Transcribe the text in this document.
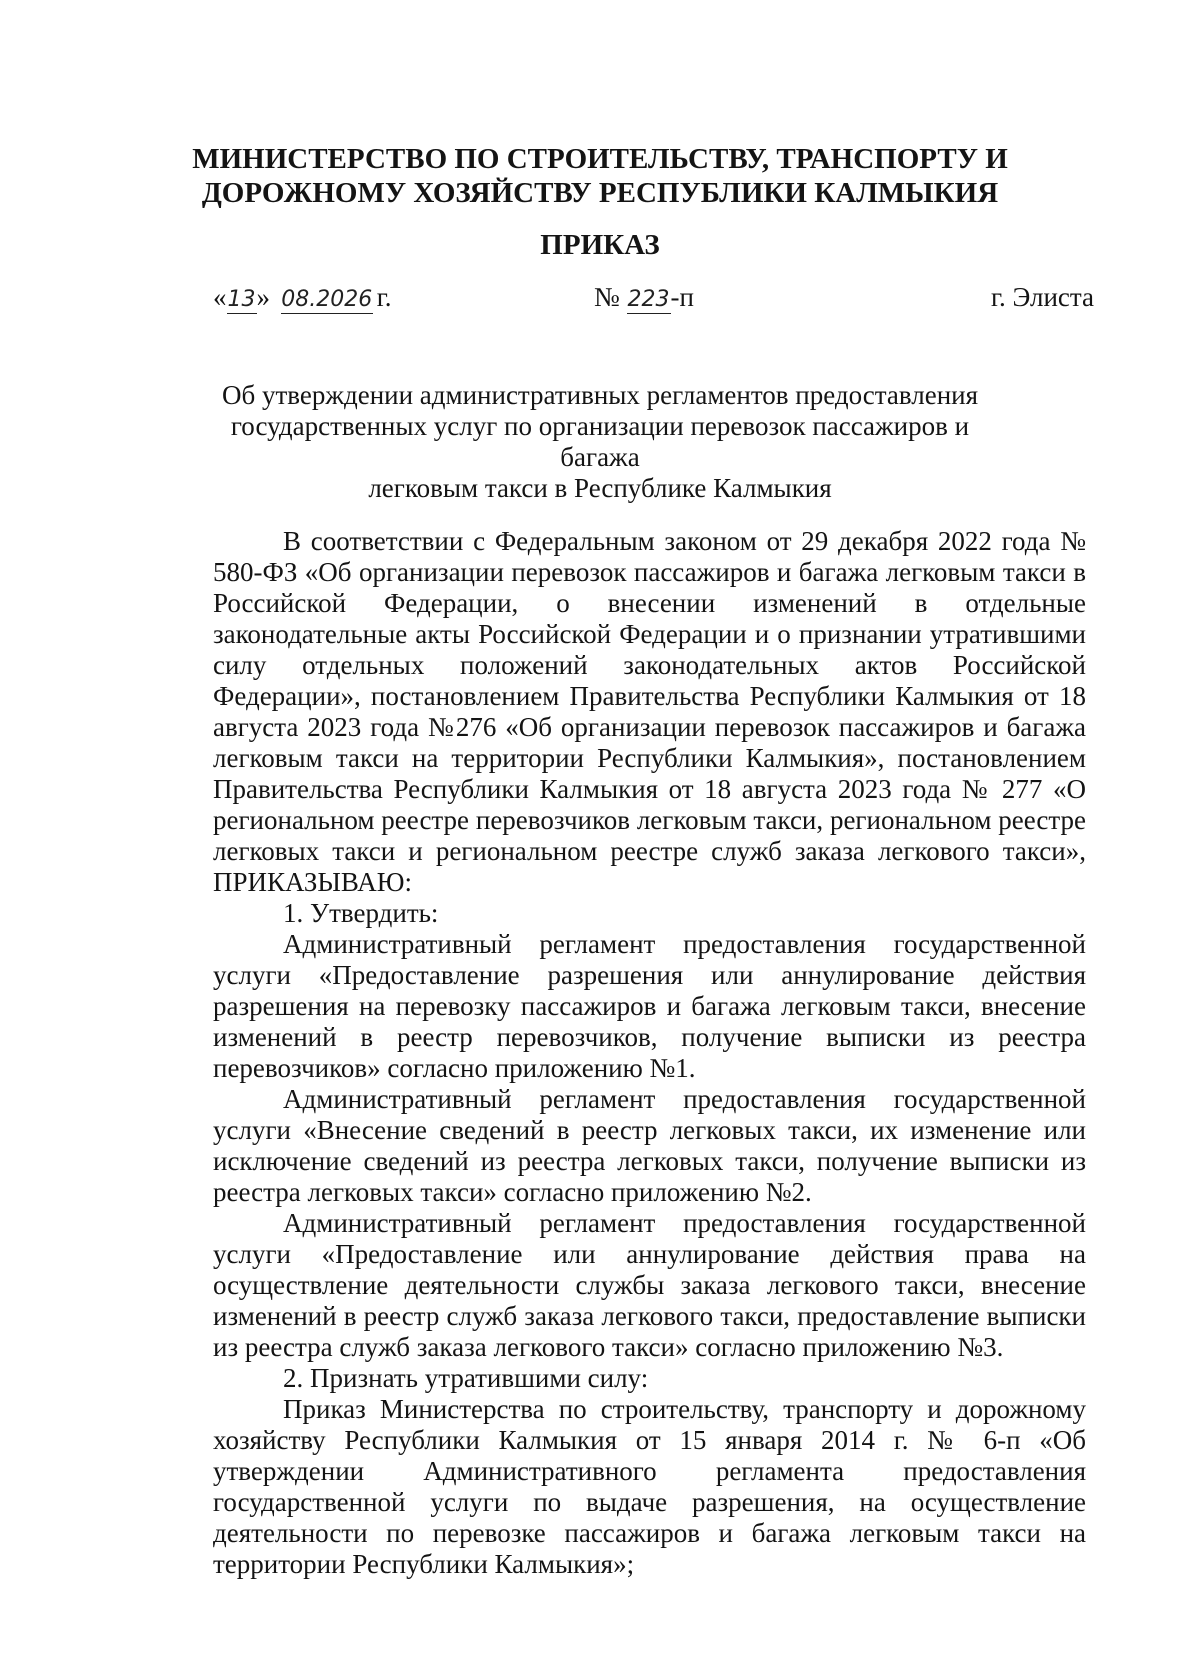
МИНИСТЕРСТВО ПО СТРОИТЕЛЬСТВУ, ТРАНСПОРТУ И
ДОРОЖНОМУ ХОЗЯЙСТВУ РЕСПУБЛИКИ КАЛМЫКИЯ
ПРИКАЗ
«13» 08.2026 г.	№ 223-п	г. Элиста
Об утверждении административных регламентов предоставления
государственных услуг по организации перевозок пассажиров и багажа
легковым такси в Республике Калмыкия

В соответствии с Федеральным законом от 29 декабря 2022 года № 580-ФЗ «Об организации перевозок пассажиров и багажа легковым такси в Российской Федерации, о внесении изменений в отдельные законодательные акты Российской Федерации и о признании утратившими силу отдельных положений законодательных актов Российской Федерации», постановлением Правительства Республики Калмыкия от 18 августа 2023 года №276 «Об организации перевозок пассажиров и багажа легковым такси на территории Республики Калмыкия», постановлением Правительства Республики Калмыкия от 18 августа 2023 года № 277 «О региональном реестре перевозчиков легковым такси, региональном реестре легковых такси и региональном реестре служб заказа легкового такси», ПРИКАЗЫВАЮ:

1. Утвердить:

Административный регламент предоставления государственной услуги «Предоставление разрешения или аннулирование действия разрешения на перевозку пассажиров и багажа легковым такси, внесение изменений в реестр перевозчиков, получение выписки из реестра перевозчиков» согласно приложению №1.

Административный регламент предоставления государственной услуги «Внесение сведений в реестр легковых такси, их изменение или исключение сведений из реестра легковых такси, получение выписки из реестра легковых такси» согласно приложению №2.

Административный регламент предоставления государственной услуги «Предоставление или аннулирование действия права на осуществление деятельности службы заказа легкового такси, внесение изменений в реестр служб заказа легкового такси, предоставление выписки из реестра служб заказа легкового такси» согласно приложению №3.

2. Признать утратившими силу:

Приказ Министерства по строительству, транспорту и дорожному хозяйству Республики Калмыкия от 15 января 2014 г. № 6-п «Об утверждении Административного регламента предоставления государственной услуги по выдаче разрешения, на осуществление деятельности по перевозке пассажиров и багажа легковым такси на территории Республики Калмыкия»;
